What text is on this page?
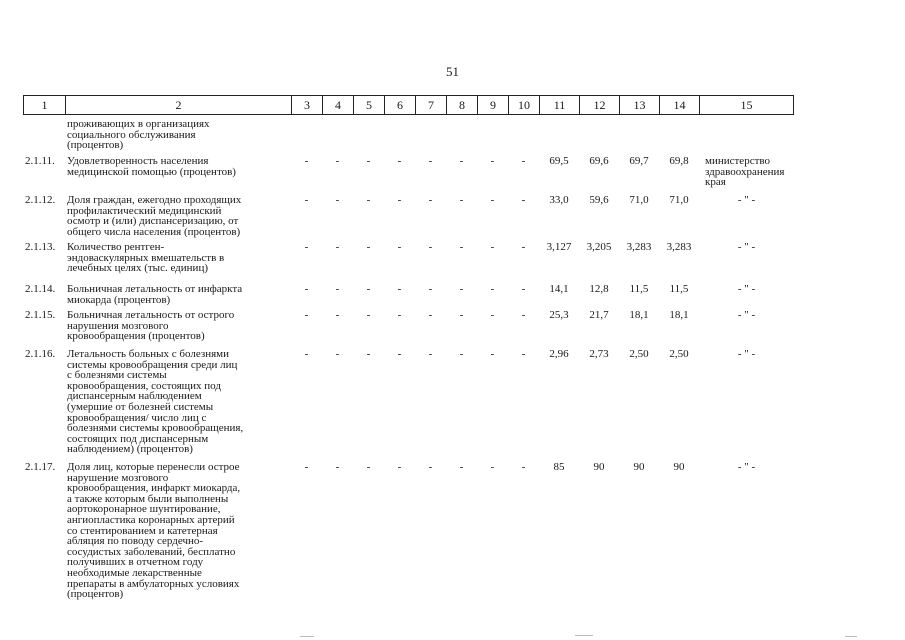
51
1	2	3	4	5	6	7	8	9	10	11	12	13	14	15
проживающих в организациях
социального обслуживания
(процентов)
2.1.11.	Удовлетворенность населения
медицинской помощью (процентов)
-	-	-	-	-	-	-	-	69,5	69,6	69,7	69,8	министерство
здравоохранения
края
2.1.12.	Доля граждан, ежегодно проходящих
профилактический медицинский
осмотр и (или) диспансеризацию, от
общего числа населения (процентов)
-	-	-	-	-	-	-	-	33,0	59,6	71,0	71,0	- " -
2.1.13.	Количество рентген-
эндоваскулярных вмешательств в
лечебных целях (тыс. единиц)
-	-	-	-	-	-	-	-	3,127	3,205	3,283	3,283	- " -
2.1.14.	Больничная летальность от инфаркта
миокарда (процентов)
-	-	-	-	-	-	-	-	14,1	12,8	11,5	11,5	- " -
2.1.15.	Больничная летальность от острого
нарушения мозгового
кровообращения (процентов)
-	-	-	-	-	-	-	-	25,3	21,7	18,1	18,1	- " -
2.1.16.	Летальность больных с болезнями
системы кровообращения среди лиц
с болезнями системы
кровообращения, состоящих под
диспансерным наблюдением
(умершие от болезней системы
кровообращения/ число лиц с
болезнями системы кровообращения,
состоящих под диспансерным
наблюдением) (процентов)
-	-	-	-	-	-	-	-	2,96	2,73	2,50	2,50	- " -
2.1.17.	Доля лиц, которые перенесли острое
нарушение мозгового
кровообращения, инфаркт миокарда,
а также которым были выполнены
аортокоронарное шунтирование,
ангиопластика коронарных артерий
со стентированием и катетерная
абляция по поводу сердечно-
сосудистых заболеваний, бесплатно
получивших в отчетном году
необходимые лекарственные
препараты в амбулаторных условиях
(процентов)
-	-	-	-	-	-	-	-	85	90	90	90	- " -
